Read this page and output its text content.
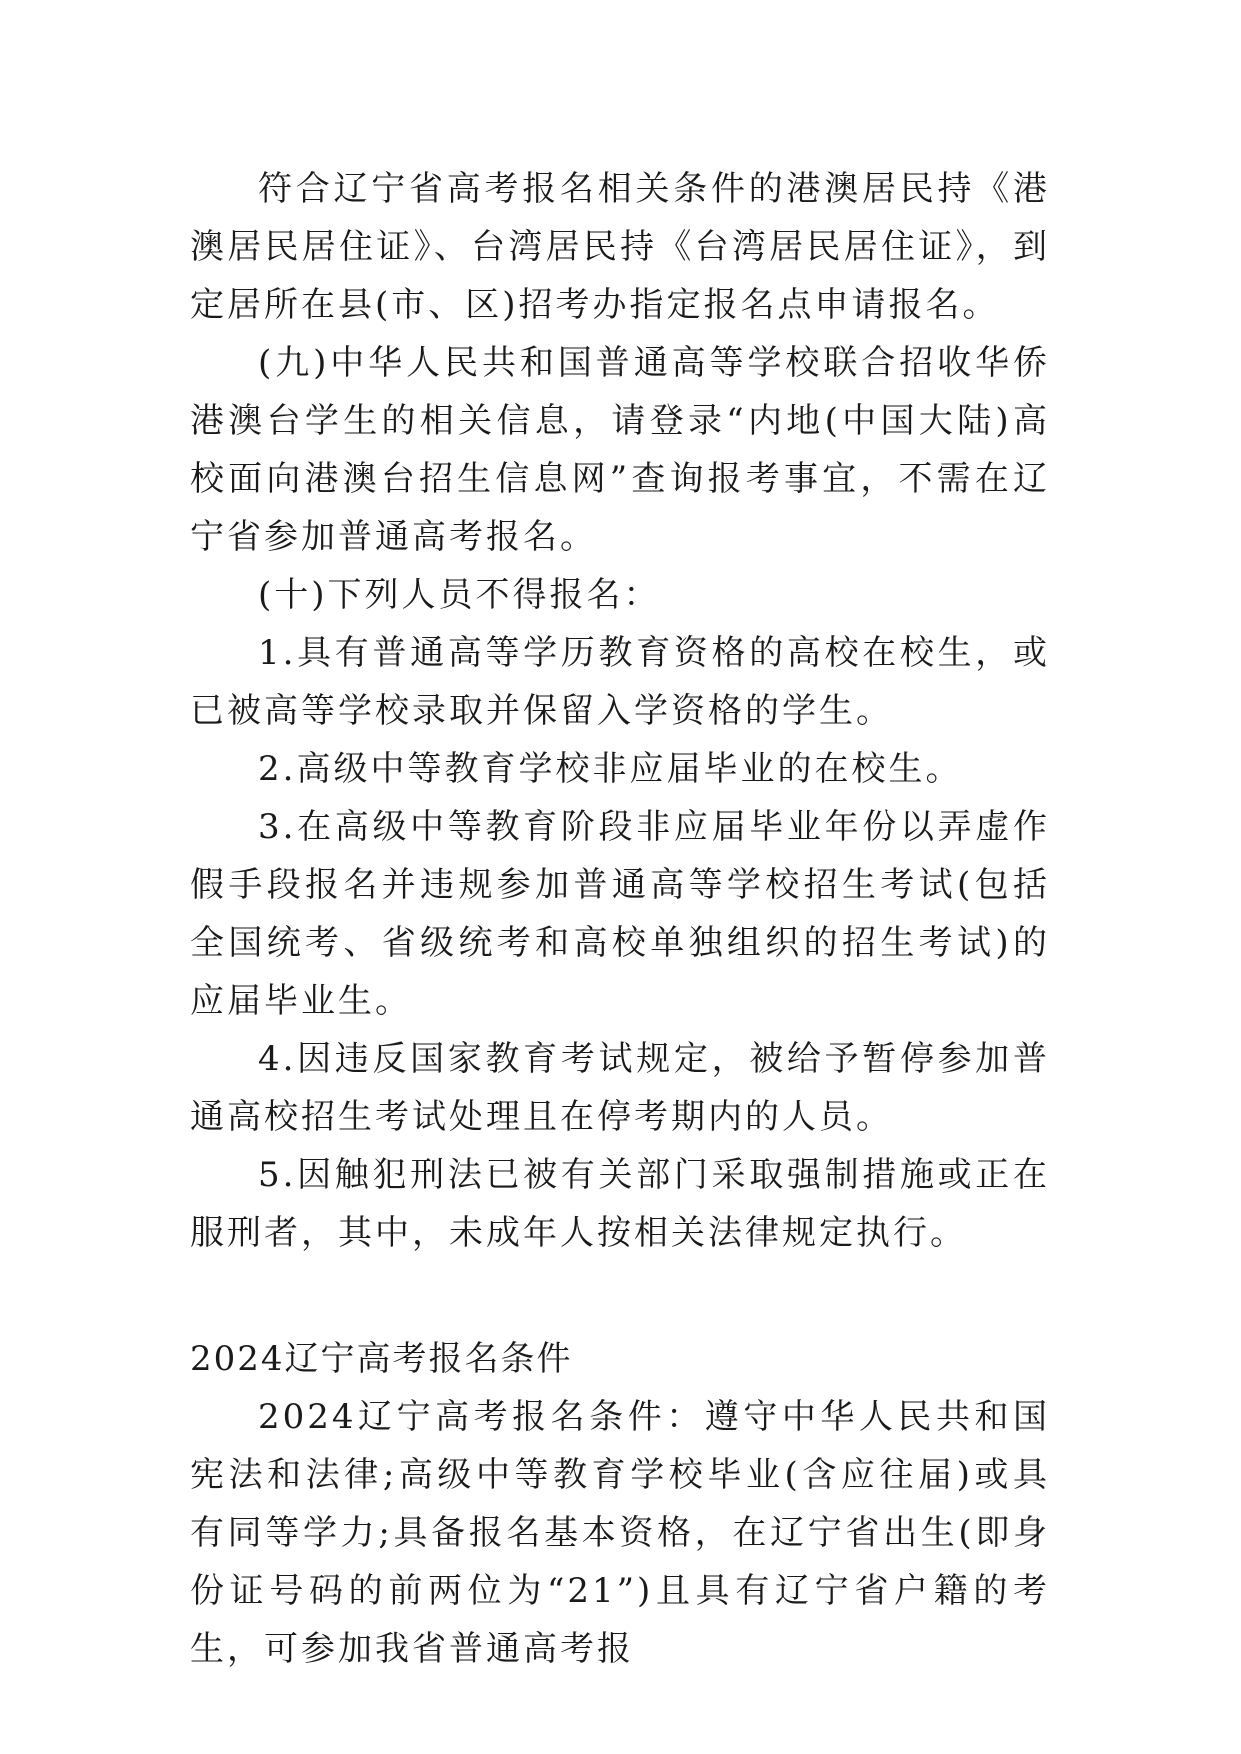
符合辽宁省高考报名相关条件的港澳居民持《港澳居民居住证》、台湾居民持《台湾居民居住证》，到定居所在县(市、区)招考办指定报名点申请报名。

(九)中华人民共和国普通高等学校联合招收华侨港澳台学生的相关信息，请登录“内地(中国大陆)高校面向港澳台招生信息网”查询报考事宜，不需在辽宁省参加普通高考报名。

(十)下列人员不得报名：

1.具有普通高等学历教育资格的高校在校生，或已被高等学校录取并保留入学资格的学生。

2.高级中等教育学校非应届毕业的在校生。

3.在高级中等教育阶段非应届毕业年份以弄虚作假手段报名并违规参加普通高等学校招生考试(包括全国统考、省级统考和高校单独组织的招生考试)的应届毕业生。

4.因违反国家教育考试规定，被给予暂停参加普通高校招生考试处理且在停考期内的人员。

5.因触犯刑法已被有关部门采取强制措施或正在服刑者，其中，未成年人按相关法律规定执行。

2024辽宁高考报名条件

2024辽宁高考报名条件：遵守中华人民共和国宪法和法律;高级中等教育学校毕业(含应往届)或具有同等学力;具备报名基本资格，在辽宁省出生(即身份证号码的前两位为“21”)且具有辽宁省户籍的考生，可参加我省普通高考报
